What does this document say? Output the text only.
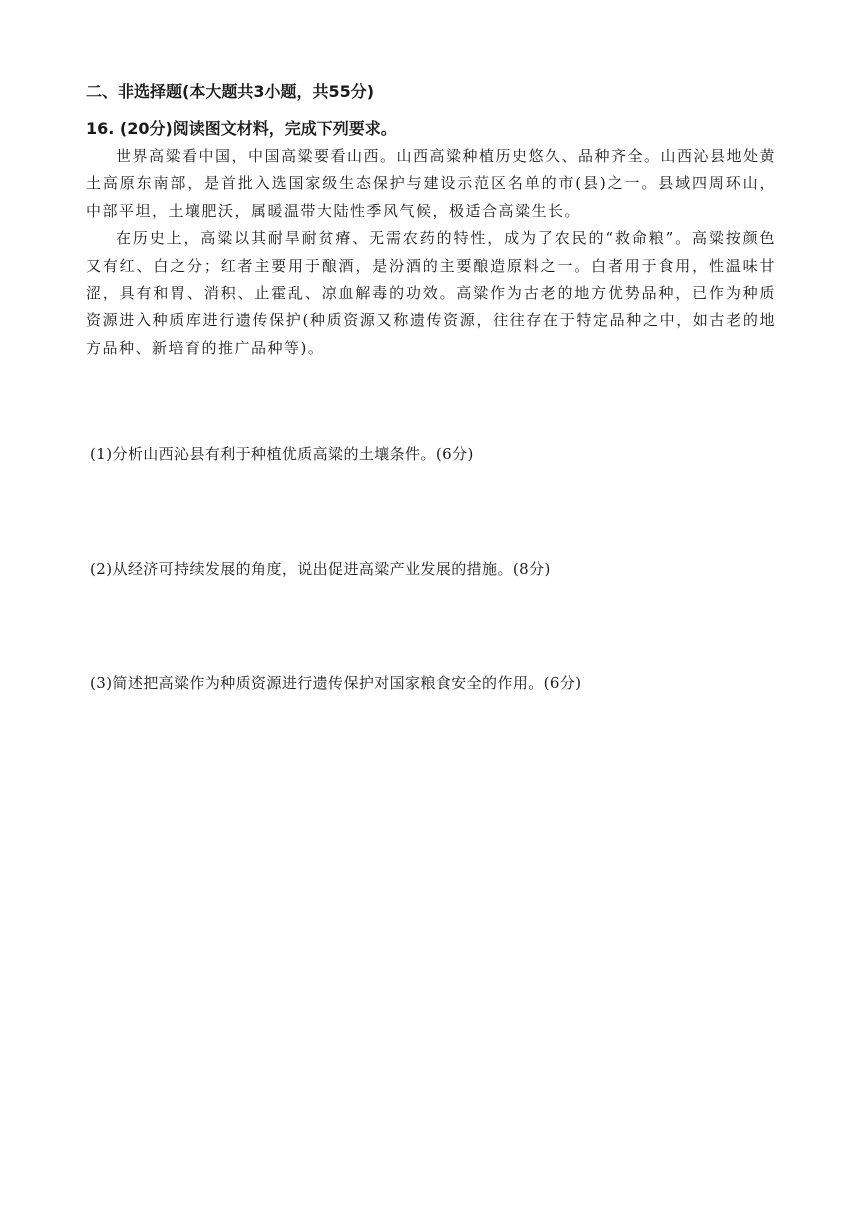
二、非选择题(本大题共3小题，共55分)
16. (20分)阅读图文材料，完成下列要求。

世界高粱看中国，中国高粱要看山西。山西高粱种植历史悠久、品种齐全。山西沁县地处黄土高原东南部，是首批入选国家级生态保护与建设示范区名单的市(县)之一。县域四周环山，中部平坦，土壤肥沃，属暖温带大陆性季风气候，极适合高粱生长。

在历史上，高粱以其耐旱耐贫瘠、无需农药的特性，成为了农民的“救命粮”。高粱按颜色又有红、白之分；红者主要用于酿酒，是汾酒的主要酿造原料之一。白者用于食用，性温味甘涩，具有和胃、消积、止霍乱、凉血解毒的功效。高粱作为古老的地方优势品种，已作为种质资源进入种质库进行遗传保护(种质资源又称遗传资源，往往存在于特定品种之中，如古老的地方品种、新培育的推广品种等)。

(1)分析山西沁县有利于种植优质高粱的土壤条件。(6分)
(2)从经济可持续发展的角度，说出促进高粱产业发展的措施。(8分)
(3)简述把高粱作为种质资源进行遗传保护对国家粮食安全的作用。(6分)
